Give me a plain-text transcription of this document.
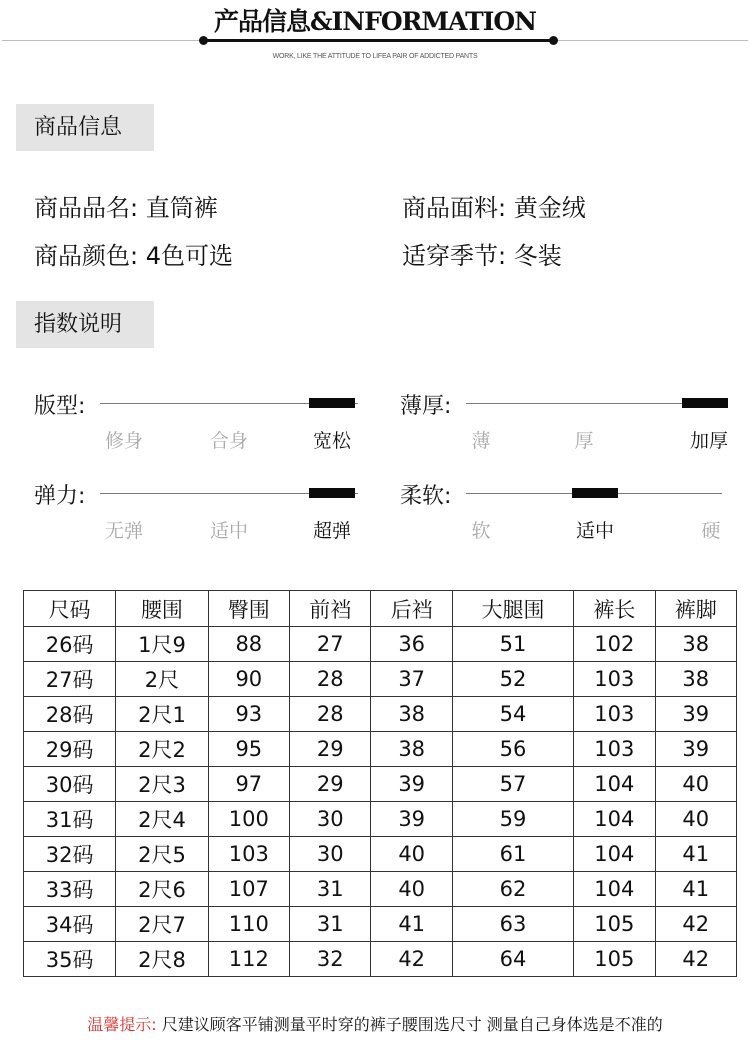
产品信息&INFORMATION
WORK, LIKE THE ATTITUDE TO LIFEA PAIR OF ADDICTED PANTS
商品信息
商品品名: 直筒裤	商品面料: 黄金绒
商品颜色: 4色可选	适穿季节: 冬装
指数说明
版型:
修身	合身	宽松
薄厚:
薄	厚	加厚
弹力:
无弹	适中	超弹
柔软:
软	适中	硬
尺码	腰围	臀围	前裆	后裆	大腿围	裤长	裤脚
26码	1尺9	88	27	36	51	102	38
27码	2尺	90	28	37	52	103	38
28码	2尺1	93	28	38	54	103	39
29码	2尺2	95	29	38	56	103	39
30码	2尺3	97	29	39	57	104	40
31码	2尺4	100	30	39	59	104	40
32码	2尺5	103	30	40	61	104	41
33码	2尺6	107	31	40	62	104	41
34码	2尺7	110	31	41	63	105	42
35码	2尺8	112	32	42	64	105	42
温馨提示: 尺建议顾客平铺测量平时穿的裤子腰围选尺寸 测量自己身体选是不准的
